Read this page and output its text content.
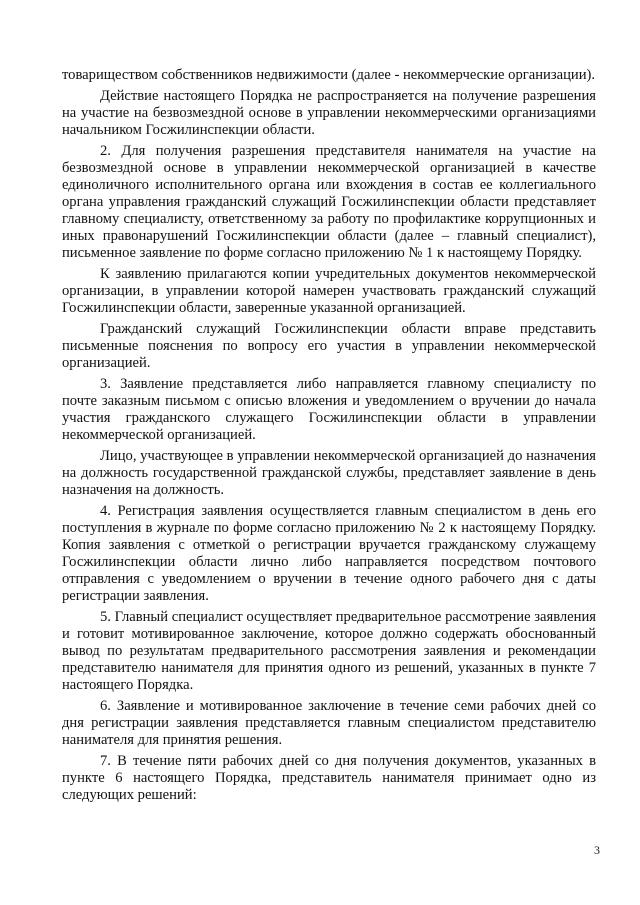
товариществом собственников недвижимости (далее - некоммерческие организации).

Действие настоящего Порядка не распространяется на получение разрешения на участие на безвозмездной основе в управлении некоммерческими организациями начальником Госжилинспекции области.

2. Для получения разрешения представителя нанимателя на участие на безвозмездной основе в управлении некоммерческой организацией в качестве единоличного исполнительного органа или вхождения в состав ее коллегиального органа управления гражданский служащий Госжилинспекции области представляет главному специалисту, ответственному за работу по профилактике коррупционных и иных правонарушений Госжилинспекции области (далее – главный специалист), письменное заявление по форме согласно приложению № 1 к настоящему Порядку.

К заявлению прилагаются копии учредительных документов некоммерческой организации, в управлении которой намерен участвовать гражданский служащий Госжилинспекции области, заверенные указанной организацией.

Гражданский служащий Госжилинспекции области вправе представить письменные пояснения по вопросу его участия в управлении некоммерческой организацией.

3. Заявление представляется либо направляется главному специалисту по почте заказным письмом с описью вложения и уведомлением о вручении до начала участия гражданского служащего Госжилинспекции области в управлении некоммерческой организацией.

Лицо, участвующее в управлении некоммерческой организацией до назначения на должность государственной гражданской службы, представляет заявление в день назначения на должность.

4. Регистрация заявления осуществляется главным специалистом в день его поступления в журнале по форме согласно приложению № 2 к настоящему Порядку. Копия заявления с отметкой о регистрации вручается гражданскому служащему Госжилинспекции области лично либо направляется посредством почтового отправления с уведомлением о вручении в течение одного рабочего дня с даты регистрации заявления.

5. Главный специалист осуществляет предварительное рассмотрение заявления и готовит мотивированное заключение, которое должно содержать обоснованный вывод по результатам предварительного рассмотрения заявления и рекомендации представителю нанимателя для принятия одного из решений, указанных в пункте 7 настоящего Порядка.

6. Заявление и мотивированное заключение в течение семи рабочих дней со дня регистрации заявления представляется главным специалистом представителю нанимателя для принятия решения.

7. В течение пяти рабочих дней со дня получения документов, указанных в пункте 6 настоящего Порядка, представитель нанимателя принимает одно из следующих решений:

3
